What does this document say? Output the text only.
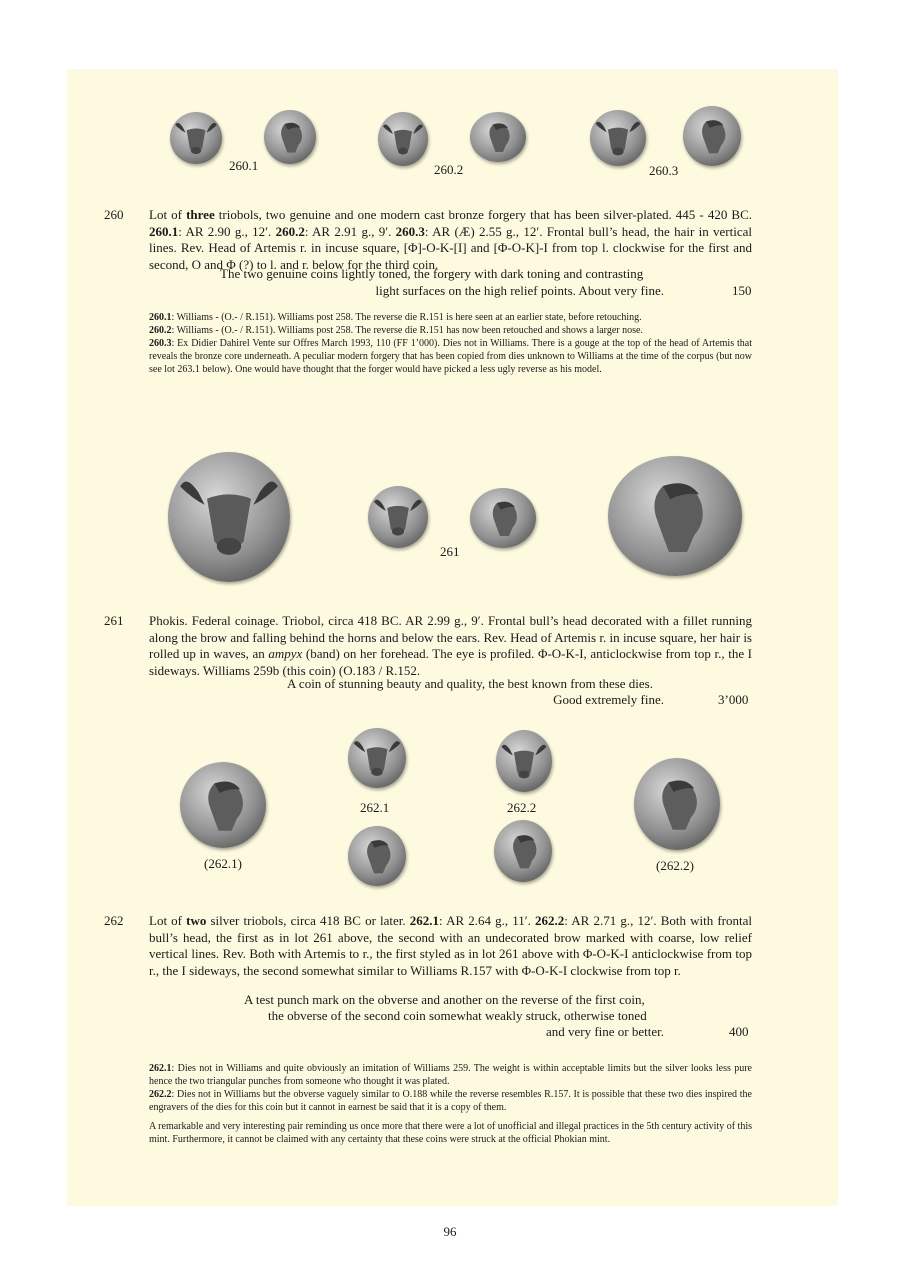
260.1	260.2	260.3
260 Lot of three triobols, two genuine and one modern cast bronze forgery that has been silver-plated. 445 - 420 BC. 260.1: AR 2.90 g., 12′. 260.2: AR 2.91 g., 9′. 260.3: AR (Æ) 2.55 g., 12′. Frontal bull’s head, the hair in vertical lines. Rev. Head of Artemis r. in incuse square, [Φ]-O-K-[I] and [Φ-O-K]-I from top l. clockwise for the first and second, O and Φ (?) to l. and r. below for the third coin.

The two genuine coins lightly toned, the forgery with dark toning and contrasting
light surfaces on the high relief points. About very fine.	150

260.1: Williams - (O.- / R.151). Williams post 258. The reverse die R.151 is here seen at an earlier state, before retouching.

260.2: Williams - (O.- / R.151). Williams post 258. The reverse die R.151 has now been retouched and shows a larger nose.

260.3: Ex Didier Dahirel Vente sur Offres March 1993, 110 (FF 1’000). Dies not in Williams. There is a gouge at the top of the head of Artemis that reveals the bronze core underneath. A peculiar modern forgery that has been copied from dies unknown to Williams at the time of the corpus (but now see lot 263.1 below). One would have thought that the forger would have picked a less ugly reverse as his model.

261
261 Phokis. Federal coinage. Triobol, circa 418 BC. AR 2.99 g., 9′. Frontal bull’s head decorated with a fillet running along the brow and falling behind the horns and below the ears. Rev. Head of Artemis r. in incuse square, her hair is rolled up in waves, an ampyx (band) on her forehead. The eye is profiled. Φ-O-K-I, anticlockwise from top r., the I sideways. Williams 259b (this coin) (O.183 / R.152.

A coin of stunning beauty and quality, the best known from these dies.
Good extremely fine.	3’000
(262.1)
262.1	262.2
(262.2)
262 Lot of two silver triobols, circa 418 BC or later. 262.1: AR 2.64 g., 11′. 262.2: AR 2.71 g., 12′. Both with frontal bull’s head, the first as in lot 261 above, the second with an undecorated brow marked with coarse, low relief vertical lines. Rev. Both with Artemis to r., the first styled as in lot 261 above with Φ-O-K-I anticlockwise from top r., the I sideways, the second somewhat similar to Williams R.157 with Φ-O-K-I clockwise from top r.

A test punch mark on the obverse and another on the reverse of the first coin,
the obverse of the second coin somewhat weakly struck, otherwise toned
and very fine or better.	400

262.1: Dies not in Williams and quite obviously an imitation of Williams 259. The weight is within acceptable limits but the silver looks less pure hence the two triangular punches from someone who thought it was plated.

262.2: Dies not in Williams but the obverse vaguely similar to O.188 while the reverse resembles R.157. It is possible that these two dies inspired the engravers of the dies for this coin but it cannot in earnest be said that it is a copy of them.

A remarkable and very interesting pair reminding us once more that there were a lot of unofficial and illegal practices in the 5th century activity of this mint. Furthermore, it cannot be claimed with any certainty that these coins were struck at the official Phokian mint.

96
